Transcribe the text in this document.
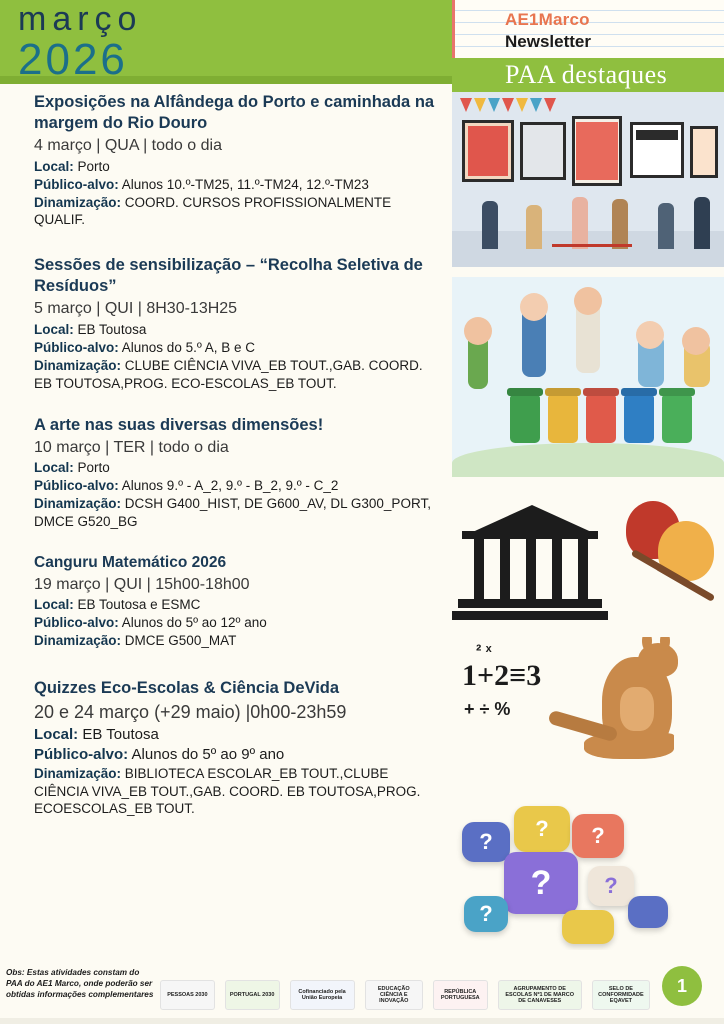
março
2026
AE1Marco
Newsletter
PAA destaques
1+2≡3
² ˣ
+ ÷ %
?
?	?
?	?
?
Exposições na Alfândega do Porto e caminhada na margem do Rio Douro
4 março | QUA | todo o dia
Local: Porto
Público-alvo: Alunos 10.º-TM25, 11.º-TM24, 12.º-TM23
Dinamização: COORD. CURSOS PROFISSIONALMENTE QUALIF.
Sessões de sensibilização – “Recolha Seletiva de Resíduos”
5 março | QUI | 8H30-13H25
Local: EB Toutosa
Público-alvo: Alunos do 5.º A, B e C
Dinamização: CLUBE CIÊNCIA VIVA_EB TOUT.,GAB. COORD. EB TOUTOSA,PROG. ECO-ESCOLAS_EB TOUT.
A arte nas suas diversas dimensões!
10 março | TER | todo o dia
Local: Porto
Público-alvo: Alunos 9.º - A_2, 9.º - B_2, 9.º - C_2
Dinamização: DCSH G400_HIST, DE G600_AV, DL G300_PORT, DMCE G520_BG
Canguru Matemático 2026
19 março | QUI | 15h00-18h00
Local: EB Toutosa e ESMC
Público-alvo: Alunos do 5º ao 12º ano
Dinamização: DMCE G500_MAT
Quizzes Eco-Escolas & Ciência DeVida
20 e 24 março (+29 maio) |0h00-23h59
Local: EB Toutosa
Público-alvo: Alunos do 5º ao 9º ano
Dinamização: BIBLIOTECA ESCOLAR_EB TOUT.,CLUBE CIÊNCIA VIVA_EB TOUT.,GAB. COORD. EB TOUTOSA,PROG. ECOESCOLAS_EB TOUT.
Obs: Estas atividades constam do PAA do AE1 Marco, onde poderão ser obtidas informações complementares	PESSOAS 2030	PORTUGAL 2030
Cofinanciado pela União Europeia
EDUCAÇÃO CIÊNCIA E INOVAÇÃO
REPÚBLICA PORTUGUESA
AGRUPAMENTO DE ESCOLAS Nº1 DE MARCO DE CANAVESES
SELO DE CONFORMIDADE EQAVET
1
